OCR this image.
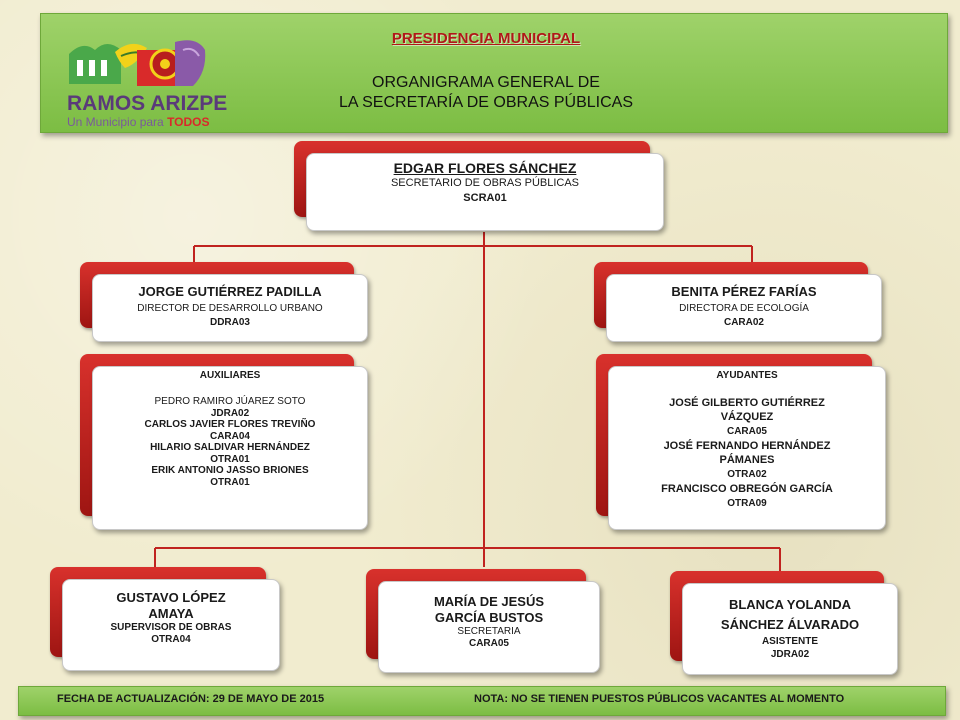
RAMOS ARIZPE
Un Municipio para TODOS
PRESIDENCIA MUNICIPAL
ORGANIGRAMA GENERAL DE
LA SECRETARÍA DE OBRAS PÚBLICAS
EDGAR FLORES SÁNCHEZ
SECRETARIO DE OBRAS PÚBLICAS
SCRA01
JORGE GUTIÉRREZ PADILLA
DIRECTOR DE DESARROLLO URBANO
DDRA03
BENITA PÉREZ FARÍAS
DIRECTORA DE ECOLOGÍA
CARA02
AUXILIARES
PEDRO RAMIRO JÚAREZ SOTO
JDRA02
CARLOS JAVIER FLORES TREVIÑO
CARA04
HILARIO SALDIVAR HERNÁNDEZ
OTRA01
ERIK ANTONIO JASSO BRIONES
OTRA01
AYUDANTES
JOSÉ GILBERTO GUTIÉRREZ VÁZQUEZ
CARA05
JOSÉ FERNANDO HERNÁNDEZ PÁMANES
OTRA02
FRANCISCO OBREGÓN GARCÍA
OTRA09
GUSTAVO LÓPEZ
AMAYA
SUPERVISOR DE OBRAS
OTRA04
MARÍA DE JESÚS
GARCÍA BUSTOS
SECRETARIA
CARA05
BLANCA YOLANDA
SÁNCHEZ ÁLVARADO
ASISTENTE
JDRA02
FECHA DE ACTUALIZACIÓN: 29 DE MAYO DE 2015	NOTA: NO SE TIENEN PUESTOS PÚBLICOS VACANTES AL MOMENTO
